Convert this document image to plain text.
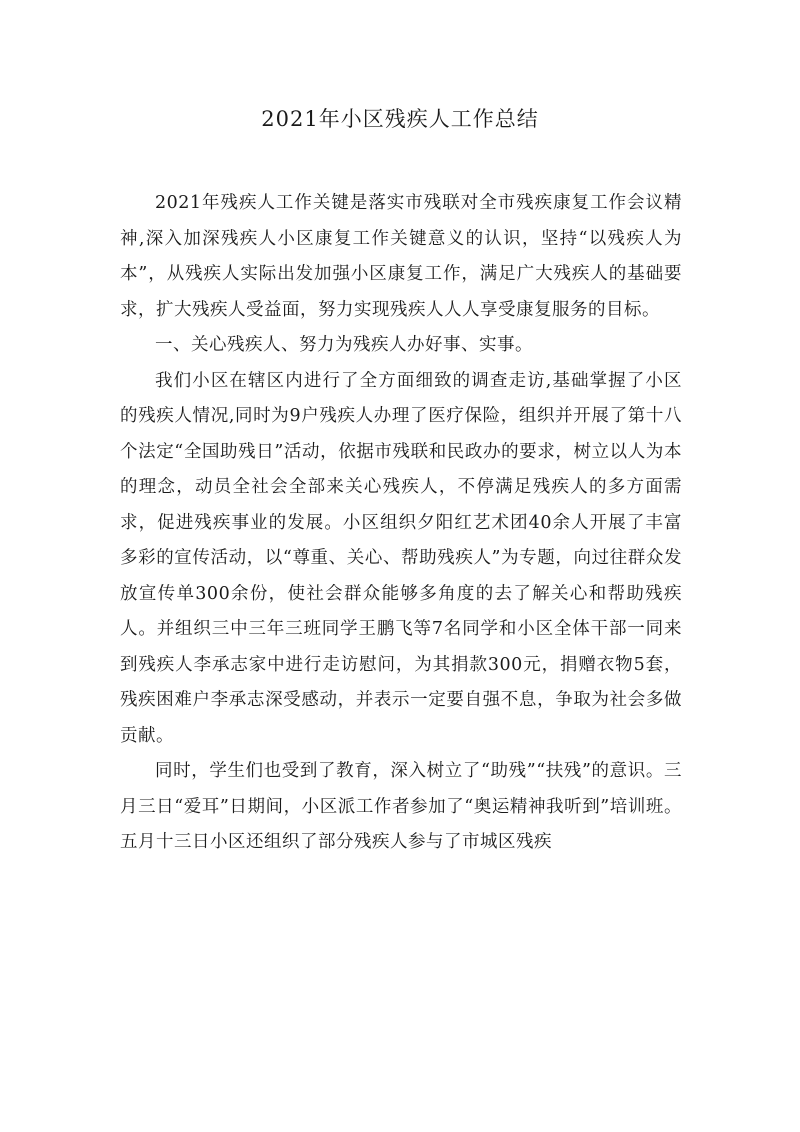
2021年小区残疾人工作总结

2021年残疾人工作关键是落实市残联对全市残疾康复工作会议精神,深入加深残疾人小区康复工作关键意义的认识，坚持“以残疾人为本”，从残疾人实际出发加强小区康复工作，满足广大残疾人的基础要求，扩大残疾人受益面，努力实现残疾人人人享受康复服务的目标。

一、关心残疾人、努力为残疾人办好事、实事。

我们小区在辖区内进行了全方面细致的调查走访,基础掌握了小区的残疾人情况,同时为9户残疾人办理了医疗保险，组织并开展了第十八个法定“全国助残日”活动，依据市残联和民政办的要求，树立以人为本的理念，动员全社会全部来关心残疾人，不停满足残疾人的多方面需求，促进残疾事业的发展。小区组织夕阳红艺术团40余人开展了丰富多彩的宣传活动，以“尊重、关心、帮助残疾人”为专题，向过往群众发放宣传单300余份，使社会群众能够多角度的去了解关心和帮助残疾人。并组织三中三年三班同学王鹏飞等7名同学和小区全体干部一同来到残疾人李承志家中进行走访慰问，为其捐款300元，捐赠衣物5套，残疾困难户李承志深受感动，并表示一定要自强不息，争取为社会多做贡献。

同时，学生们也受到了教育，深入树立了“助残”“扶残”的意识。三月三日“爱耳”日期间，小区派工作者参加了“奥运精神我听到”培训班。五月十三日小区还组织了部分残疾人参与了市城区残疾
